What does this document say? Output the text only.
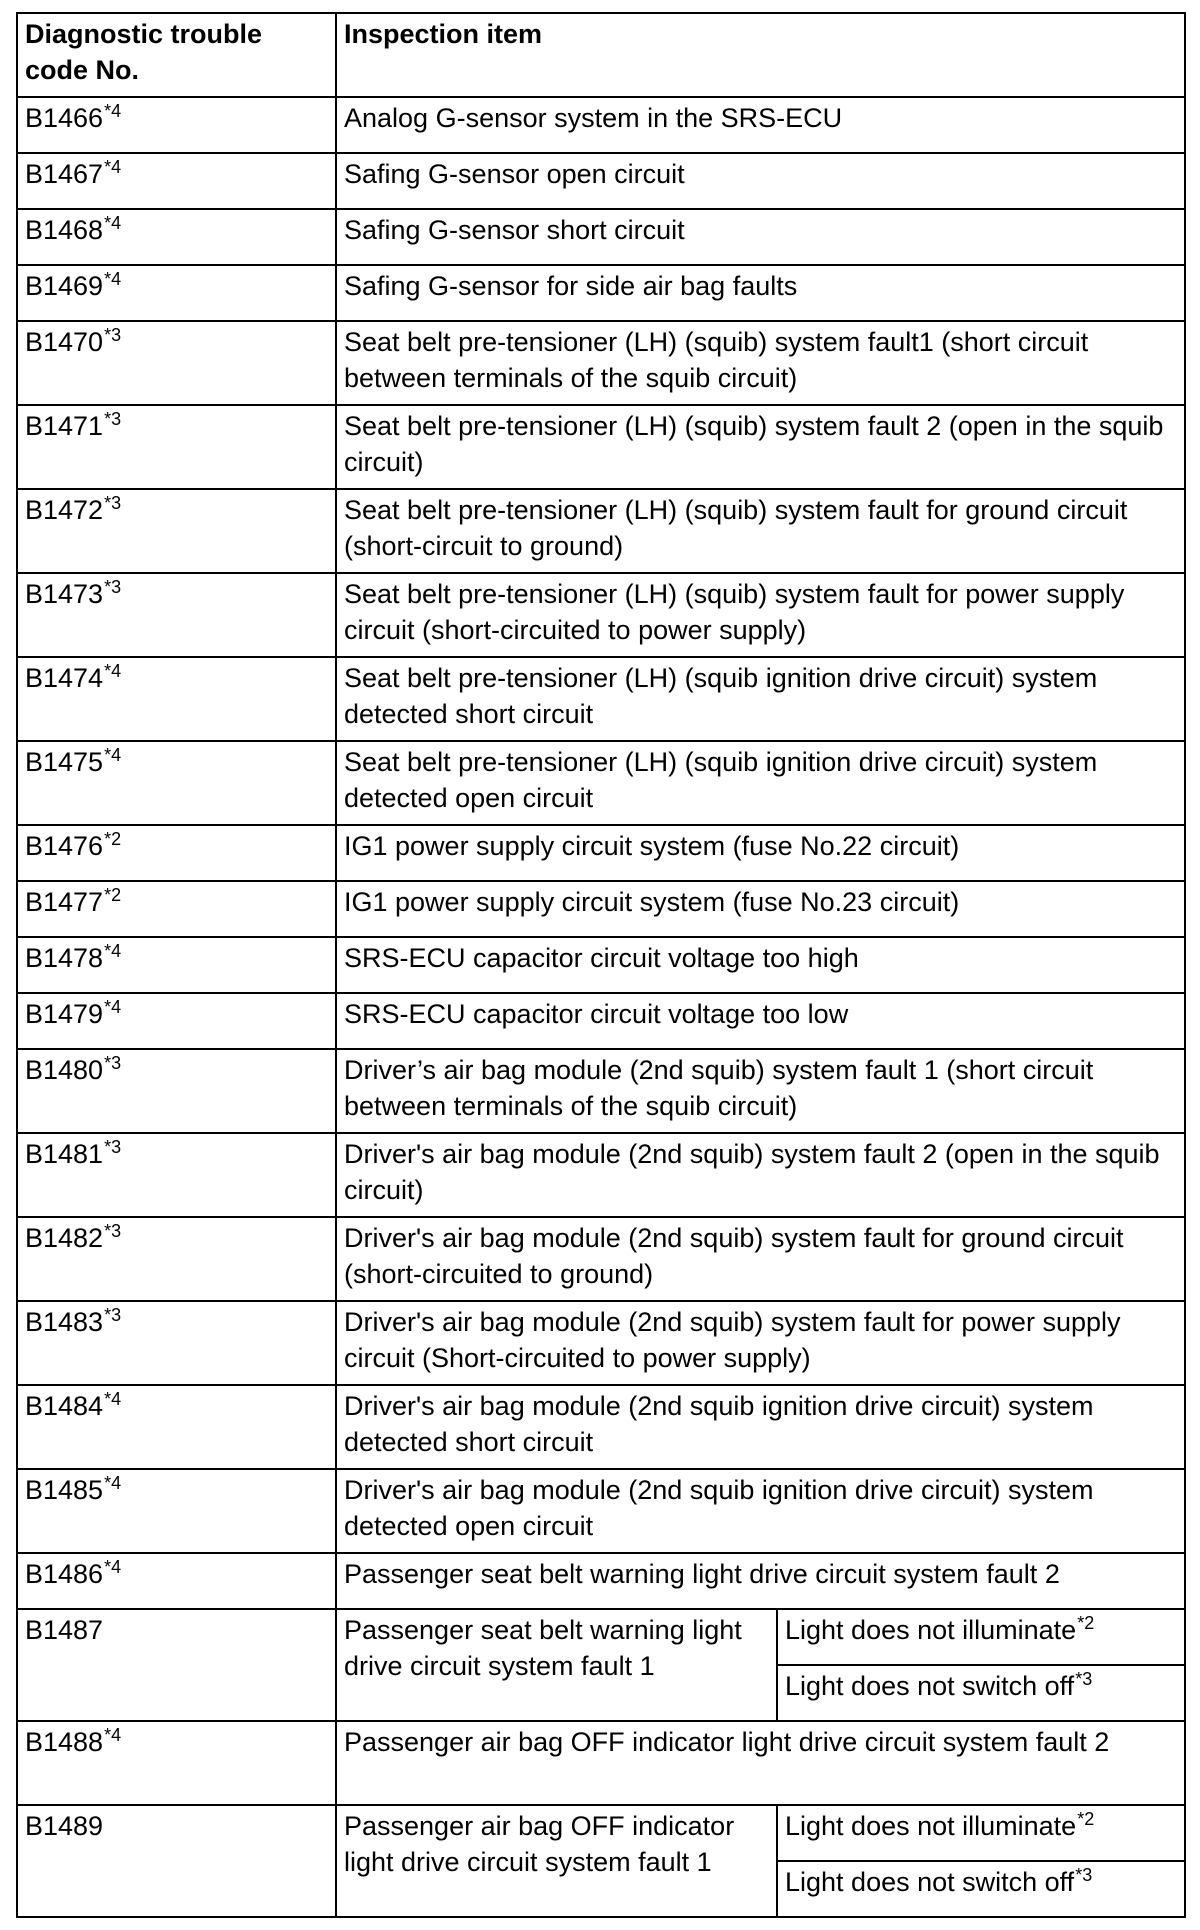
Diagnostic trouble code No.	Inspection item	
B1466$^{*4}$	Analog G-sensor system in the SRS-ECU	
B1467$^{*4}$	Safing G-sensor open circuit	
B1468$^{*4}$	Safing G-sensor short circuit	
B1469$^{*4}$	Safing G-sensor for side air bag faults	
B1470$^{*3}$	Seat belt pre-tensioner (LH) (squib) system fault1 (short circuit between terminals of the squib circuit)	
B1471$^{*3}$	Seat belt pre-tensioner (LH) (squib) system fault 2 (open in the squib circuit)	
B1472$^{*3}$	Seat belt pre-tensioner (LH) (squib) system fault for ground circuit (short-circuit to ground)	
B1473$^{*3}$	Seat belt pre-tensioner (LH) (squib) system fault for power supply circuit (short-circuited to power supply)	
B1474$^{*4}$	Seat belt pre-tensioner (LH) (squib ignition drive circuit) system detected short circuit	
B1475$^{*4}$	Seat belt pre-tensioner (LH) (squib ignition drive circuit) system detected open circuit	
B1476$^{*2}$	IG1 power supply circuit system (fuse No.22 circuit)	
B1477$^{*2}$	IG1 power supply circuit system (fuse No.23 circuit)	
B1478$^{*4}$	SRS-ECU capacitor circuit voltage too high	
B1479$^{*4}$	SRS-ECU capacitor circuit voltage too low	
B1480$^{*3}$	Driver’s air bag module (2nd squib) system fault 1 (short circuit between terminals of the squib circuit)	
B1481$^{*3}$	Driver's air bag module (2nd squib) system fault 2 (open in the squib circuit)	
B1482$^{*3}$	Driver's air bag module (2nd squib) system fault for ground circuit (short-circuited to ground)	
B1483$^{*3}$	Driver's air bag module (2nd squib) system fault for power supply circuit (Short-circuited to power supply)	
B1484$^{*4}$	Driver's air bag module (2nd squib ignition drive circuit) system detected short circuit	
B1485$^{*4}$	Driver's air bag module (2nd squib ignition drive circuit) system detected open circuit	
B1486$^{*4}$	Passenger seat belt warning light drive circuit system fault 2	
B1487	Passenger seat belt warning light drive circuit system fault 1	Light does not illuminate$^{*2}$
		Light does not switch off$^{*3}$
B1488$^{*4}$	Passenger air bag OFF indicator light drive circuit system fault 2	
B1489	Passenger air bag OFF indicator light drive circuit system fault 1	Light does not illuminate$^{*2}$
		Light does not switch off$^{*3}$
